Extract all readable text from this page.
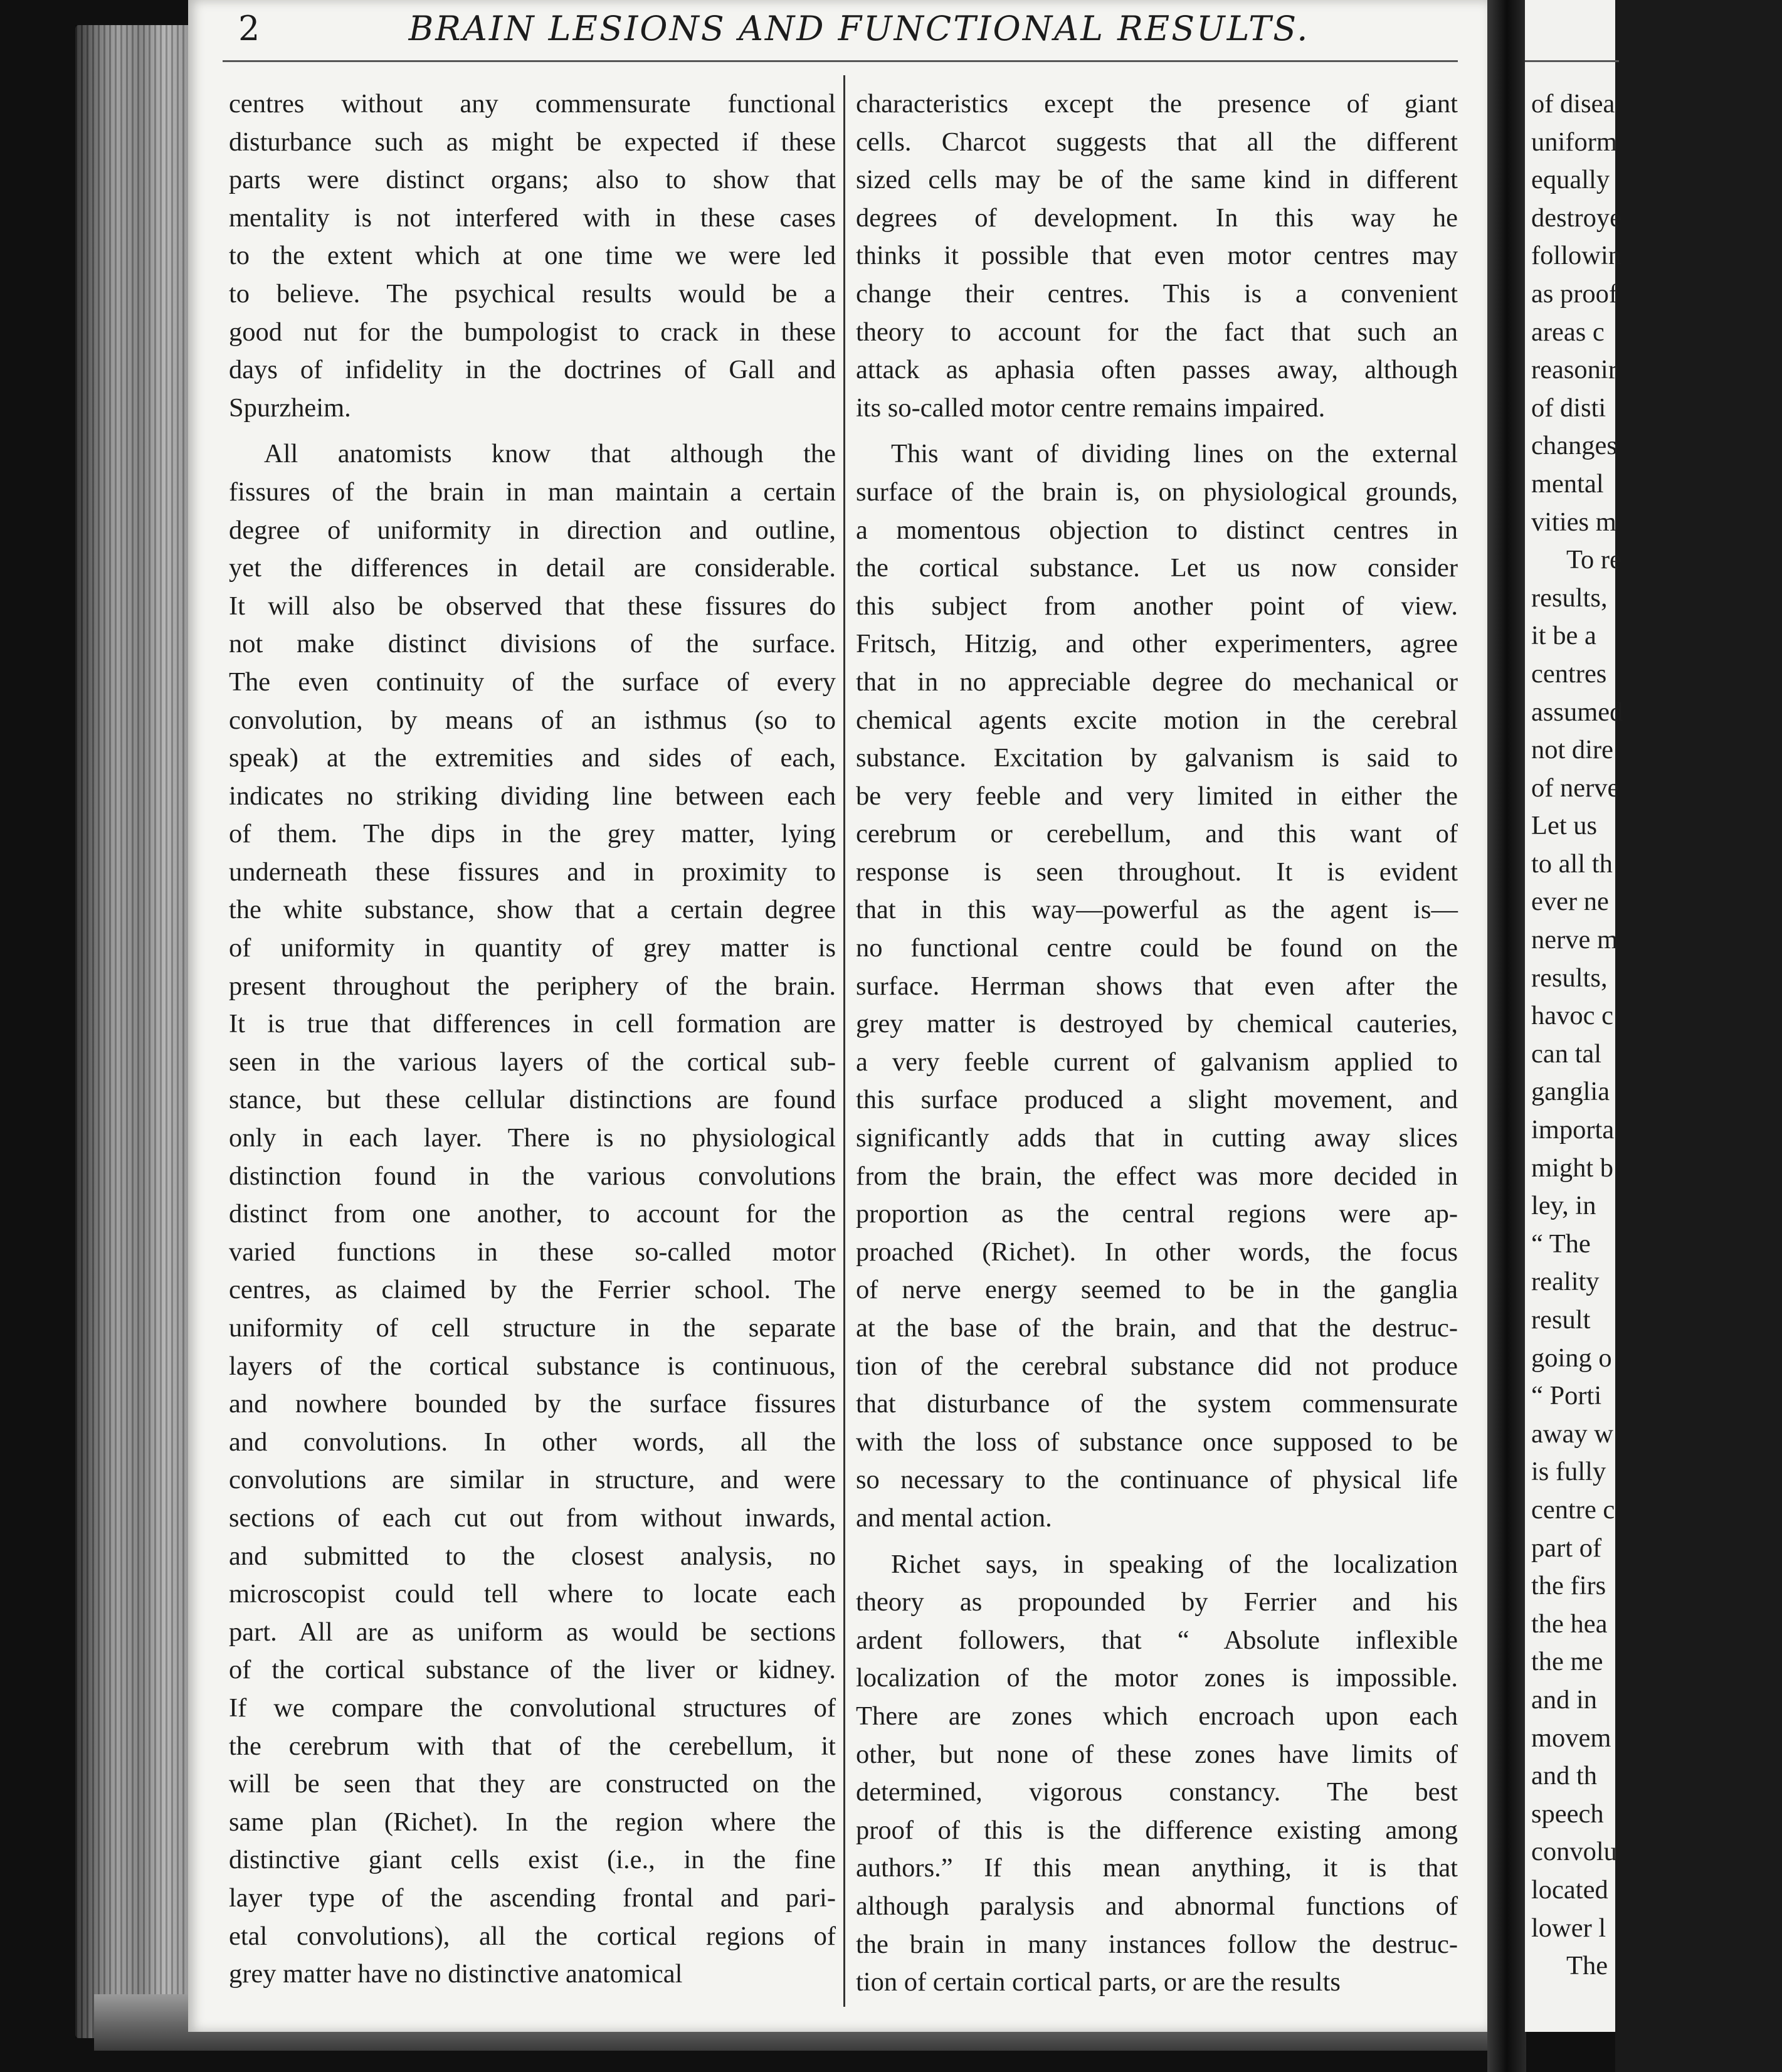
2	BRAIN LESIONS AND FUNCTIONAL RESULTS.

centres without any commensurate functional
disturbance such as might be expected if these
parts were distinct organs; also to show that
mentality is not interfered with in these cases
to the extent which at one time we were led
to believe. The psychical results would be a
good nut for the bumpologist to crack in these
days of infidelity in the doctrines of Gall and
Spurzheim.

All anatomists know that although the
fissures of the brain in man maintain a certain
degree of uniformity in direction and outline,
yet the differences in detail are considerable.
It will also be observed that these fissures do
not make distinct divisions of the surface.
The even continuity of the surface of every
convolution, by means of an isthmus (so to
speak) at the extremities and sides of each,
indicates no striking dividing line between each
of them. The dips in the grey matter, lying
underneath these fissures and in proximity to
the white substance, show that a certain degree
of uniformity in quantity of grey matter is
present throughout the periphery of the brain.
It is true that differences in cell formation are
seen in the various layers of the cortical sub-
stance, but these cellular distinctions are found
only in each layer. There is no physiological
distinction found in the various convolutions
distinct from one another, to account for the
varied functions in these so-called motor
centres, as claimed by the Ferrier school. The
uniformity of cell structure in the separate
layers of the cortical substance is continuous,
and nowhere bounded by the surface fissures
and convolutions. In other words, all the
convolutions are similar in structure, and were
sections of each cut out from without inwards,
and submitted to the closest analysis, no
microscopist could tell where to locate each
part. All are as uniform as would be sections
of the cortical substance of the liver or kidney.
If we compare the convolutional structures of
the cerebrum with that of the cerebellum, it
will be seen that they are constructed on the
same plan (Richet). In the region where the
distinctive giant cells exist (i.e., in the fine
layer type of the ascending frontal and pari-
etal convolutions), all the cortical regions of
grey matter have no distinctive anatomical

characteristics except the presence of giant
cells. Charcot suggests that all the different
sized cells may be of the same kind in different
degrees of development. In this way he
thinks it possible that even motor centres may
change their centres. This is a convenient
theory to account for the fact that such an
attack as aphasia often passes away, although
its so-called motor centre remains impaired.

This want of dividing lines on the external
surface of the brain is, on physiological grounds,
a momentous objection to distinct centres in
the cortical substance. Let us now consider
this subject from another point of view.
Fritsch, Hitzig, and other experimenters, agree
that in no appreciable degree do mechanical or
chemical agents excite motion in the cerebral
substance. Excitation by galvanism is said to
be very feeble and very limited in either the
cerebrum or cerebellum, and this want of
response is seen throughout. It is evident
that in this way—powerful as the agent is—
no functional centre could be found on the
surface. Herrman shows that even after the
grey matter is destroyed by chemical cauteries,
a very feeble current of galvanism applied to
this surface produced a slight movement, and
significantly adds that in cutting away slices
from the brain, the effect was more decided in
proportion as the central regions were ap-
proached (Richet). In other words, the focus
of nerve energy seemed to be in the ganglia
at the base of the brain, and that the destruc-
tion of the cerebral substance did not produce
that disturbance of the system commensurate
with the loss of substance once supposed to be
so necessary to the continuance of physical life
and mental action.

Richet says, in speaking of the localization
theory as propounded by Ferrier and his
ardent followers, that “ Absolute inflexible
localization of the motor zones is impossible.
There are zones which encroach upon each
other, but none of these zones have limits of
determined, vigorous constancy. The best
proof of this is the difference existing among
authors.” If this mean anything, it is that
although paralysis and abnormal functions of
the brain in many instances follow the destruc-
tion of certain cortical parts, or are the results

of disea
uniform
equally
destroye
followin
as proof
areas c
reasonir
of disti
changes
mental
vities m
To re
results,
it be a
centres
assumed
not dire
of nerve
Let us
to all th
ever ne
nerve m
results,
havoc c
can tal
ganglia
importa
might b
ley, in
“ The
reality
result
going o
“ Porti
away w
is fully
centre c
part of
the firs
the hea
the me
and in
movem
and th
speech
convolu
located
lower l
The
